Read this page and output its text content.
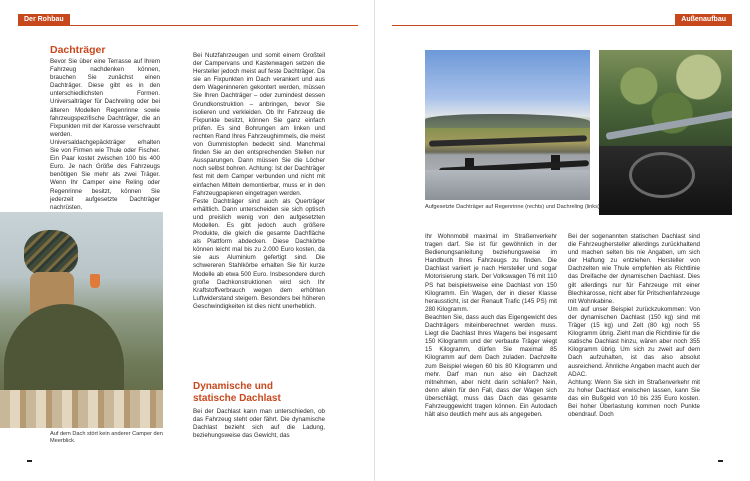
Der Rohbau
Dachträger

Bevor Sie über eine Terrasse auf Ihrem Fahrzeug nachdenken können, brauchen Sie zunächst einen Dachträger. Diese gibt es in den unterschiedlichsten Formen. Universalträger für Dachreling oder bei älteren Modellen Regenrinne sowie fahrzeugspezifische Dachträger, die an Fixpunkten mit der Karosse verschraubt werden.
Universaldachgepäckträger erhalten Sie von Firmen wie Thule oder Fischer. Ein Paar kostet zwischen 100 bis 400 Euro. Je nach Größe des Fahrzeugs benötigen Sie mehr als zwei Träger. Wenn Ihr Camper eine Reling oder Regenrinne besitzt, können Sie jederzeit aufgesetzte Dachträger nachrüsten.

Bei Nutzfahrzeugen und somit einem Großteil der Campervans und Kastenwagen setzen die Hersteller jedoch meist auf feste Dachträger. Da sie an Fixpunkten im Dach verankert und aus dem Wageninneren gekontert werden, müssen Sie Ihren Dachträger – oder zumindest dessen Grundkonstruktion – anbringen, bevor Sie isolieren und verkleiden. Ob Ihr Fahrzeug die Fixpunkte besitzt, können Sie ganz einfach prüfen. Es sind Bohrungen am linken und rechten Rand Ihres Fahrzeughimmels, die meist von Gummistopfen bedeckt sind. Manchmal finden Sie an den entsprechenden Stellen nur Aussparungen. Dann müssen Sie die Löcher noch selbst bohren. Achtung: Ist der Dachträger fest mit dem Camper verbunden und nicht mit einfachen Mitteln demontierbar, muss er in den Fahrzeugpapieren eingetragen werden.
Feste Dachträger sind auch als Querträger erhältlich. Dann unterscheiden sie sich optisch und preislich wenig von den aufgesetzten Modellen. Es gibt jedoch auch größere Produkte, die gleich die gesamte Dachfläche als Plattform abdecken. Diese Dachkörbe können leicht mal bis zu 2.000 Euro kosten, da sie aus Aluminium gefertigt sind. Die schwereren Stahlkörbe erhalten Sie für kurze Modelle ab etwa 500 Euro. Insbesondere durch große Dachkonstruktionen wird sich Ihr Kraftstoffverbrauch wegen dem erhöhten Luftwiderstand steigern. Besonders bei höheren Geschwindigkeiten ist dies nicht unerheblich.

Dynamische und
statische Dachlast

Bei der Dachlast kann man unterschieden, ob das Fahrzeug steht oder fährt. Die dynamische Dachlast bezieht sich auf die Ladung, beziehungsweise das Gewicht, das

Auf dem Dach stört kein anderer Camper den Meerblick.

Außenaufbau

Aufgesetzte Dachträger auf Regenrinne (rechts) und Dachreling (links).

Ihr Wohnmobil maximal im Straßenverkehr tragen darf. Sie ist für gewöhnlich in der Bedienungsanleitung beziehungsweise im Handbuch Ihres Fahrzeugs zu finden. Die Dachlast variiert je nach Hersteller und sogar Motorisierung stark. Der Volkswagen T6 mit 110 PS hat beispielsweise eine Dachlast von 150 Kilogramm. Ein Wagen, der in dieser Klasse heraussticht, ist der Renault Trafic (145 PS) mit 280 Kilogramm.
Beachten Sie, dass auch das Eigengewicht des Dachträgers miteinberechnet werden muss. Liegt die Dachlast Ihres Wagens bei insgesamt 150 Kilogramm und der verbaute Träger wiegt 15 Kilogramm, dürfen Sie maximal 85 Kilogramm auf dem Dach zuladen. Dachzelte zum Beispiel wiegen 60 bis 80 Kilogramm und mehr. Darf man nun also ein Dachzelt mitnehmen, aber nicht darin schlafen? Nein, denn allein für den Fall, dass der Wagen sich überschlägt, muss das Dach das gesamte Fahrzeuggewicht tragen können. Ein Autodach hält also deutlich mehr aus als angegeben.

Bei der sogenannten statischen Dachlast sind die Fahrzeughersteller allerdings zurückhaltend und machen selten bis nie Angaben, um sich der Haftung zu entziehen. Hersteller von Dachzelten wie Thule empfehlen als Richtlinie das Dreifache der dynamischen Dachlast. Dies gilt allerdings nur für Fahrzeuge mit einer Blechkarosse, nicht aber für Pritschenfahrzeuge mit Wohnkabine.
Um auf unser Beispiel zurückzukommen: Von der dynamischen Dachlast (150 kg) sind mit Träger (15 kg) und Zelt (80 kg) noch 55 Kilogramm übrig. Zieht man die Richtlinie für die statische Dachlast hinzu, wären aber noch 355 Kilogramm übrig. Um sich zu zweit auf dem Dach aufzuhalten, ist das also absolut ausreichend. Ähnliche Angaben macht auch der ADAC.
Achtung: Wenn Sie sich im Straßenverkehr mit zu hoher Dachlast erwischen lassen, kann Sie das ein Bußgeld von 10 bis 235 Euro kosten. Bei hoher Überlastung kommen noch Punkte obendrauf. Doch
